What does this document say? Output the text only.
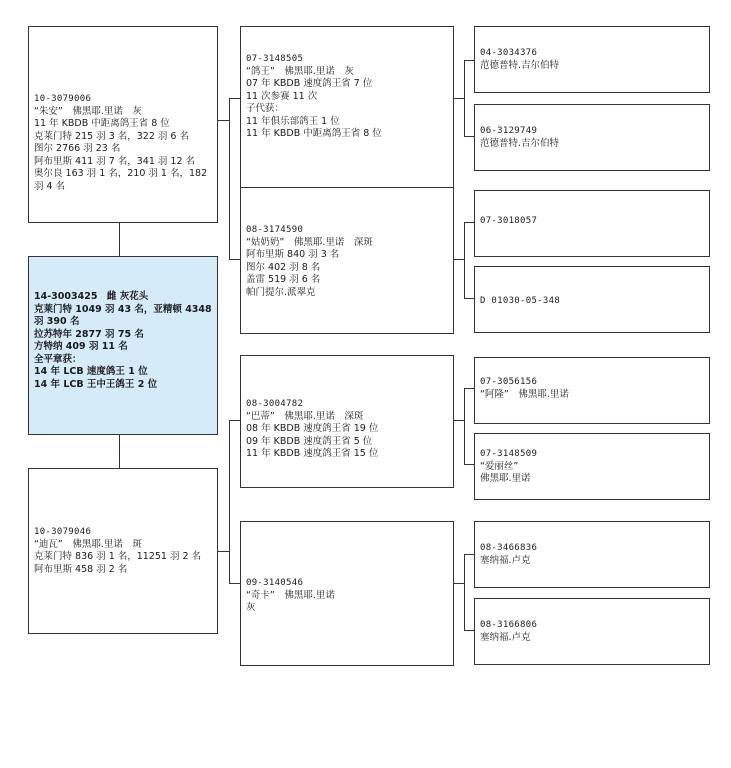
10-3079006
“朱安”　佛黑耶.里诺　灰
11 年 KBDB 中距离鸽王省 8 位
克莱门特 215 羽 3 名，322 羽 6 名
图尔 2766 羽 23 名
阿布里斯 411 羽 7 名，341 羽 12 名
奥尔良 163 羽 1 名，210 羽 1 名，182
羽 4 名
14-3003425　雌 灰花头
克莱门特 1049 羽 43 名，亚精顿 4348
羽 390 名
拉苏特年 2877 羽 75 名
方特纳 409 羽 11 名
全平章获：
14 年 LCB 速度鸽王 1 位
14 年 LCB 王中王鸽王 2 位
10-3079046
“迪瓦”　佛黑耶.里诺　斑
克莱门特 836 羽 1 名，11251 羽 2 名
阿布里斯 458 羽 2 名
07-3148505
“鸽王”　佛黑耶.里诺　灰
07 年 KBDB 速度鸽王省 7 位
11 次参赛 11 次
子代获：
11 年俱乐部鸽王 1 位
11 年 KBDB 中距离鸽王省 8 位
08-3174590
“姑奶奶”　佛黑耶.里诺　深斑
阿布里斯 840 羽 3 名
图尔 402 羽 8 名
盖雷 519 羽 6 名
帕门提尔.派翠克
08-3004782
“巴蒂”　佛黑耶.里诺　深斑
08 年 KBDB 速度鸽王省 19 位
09 年 KBDB 速度鸽王省 5 位
11 年 KBDB 速度鸽王省 15 位
09-3140546
“奇卡”　佛黑耶.里诺
灰
04-3034376
范德普特.吉尔伯特
06-3129749
范德普特.吉尔伯特
07-3018057
D 01030-05-348
07-3056156
“阿隆”　佛黑耶.里诺
07-3148509
“爱丽丝”
佛黑耶.里诺
08-3466836
塞纳福.卢克
08-3166806
塞纳福.卢克
